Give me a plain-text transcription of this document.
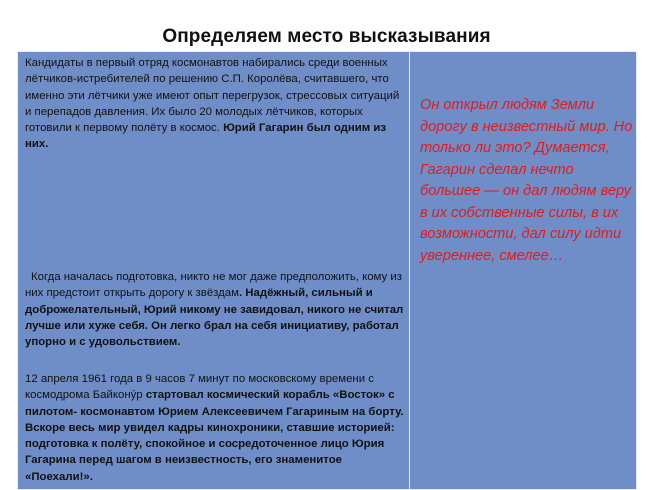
Определяем место высказывания

Кандидаты в первый отряд космонавтов набирались среди военных лётчиков-истребителей по решению С.П. Королёва, считавшего, что именно эти лётчики уже имеют опыт перегрузок, стрессовых ситуаций и перепадов давления. Их было 20 молодых лётчиков, которых готовили к первому полёту в космос. Юрий Гагарин был одним из них.

Когда началась подготовка, никто не мог даже предположить, кому из них предстоит открыть дорогу к звёздам. Надёжный, сильный и доброжелательный, Юрий никому не завидовал, никого не считал лучше или хуже себя. Он легко брал на себя инициативу, работал упорно и с удовольствием.

12 апреля 1961 года в 9 часов 7 минут по московскому времени с космодрома Байконýр стартовал космический корабль «Восток» с пилотом- космонавтом Юрием Алексеевичем Гагариным на борту. Вскоре весь мир увидел кадры кинохроники, ставшие историей: подготовка к полёту, спокойное и сосредоточенное лицо Юрия Гагарина перед шагом в неизвестность, его знаменитое «Поехали!».

Он открыл людям Земли дорогу в неизвестный мир. Но только ли это? Думается, Гагарин сделал нечто большее — он дал людям веру в их собственные силы, в их возможности, дал силу идти увереннее, смелее…
